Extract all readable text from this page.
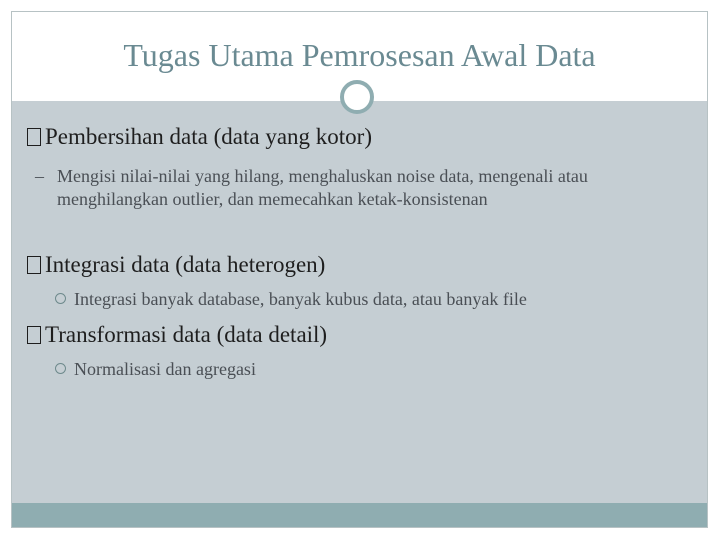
Tugas Utama Pemrosesan Awal Data
Pembersihan data (data yang kotor)
– Mengisi nilai-nilai yang hilang, menghaluskan noise data, mengenali atau menghilangkan outlier, dan memecahkan ketak-konsistenan
Integrasi data (data heterogen)
Integrasi banyak database, banyak kubus data, atau banyak file
Transformasi data (data detail)
Normalisasi dan agregasi
